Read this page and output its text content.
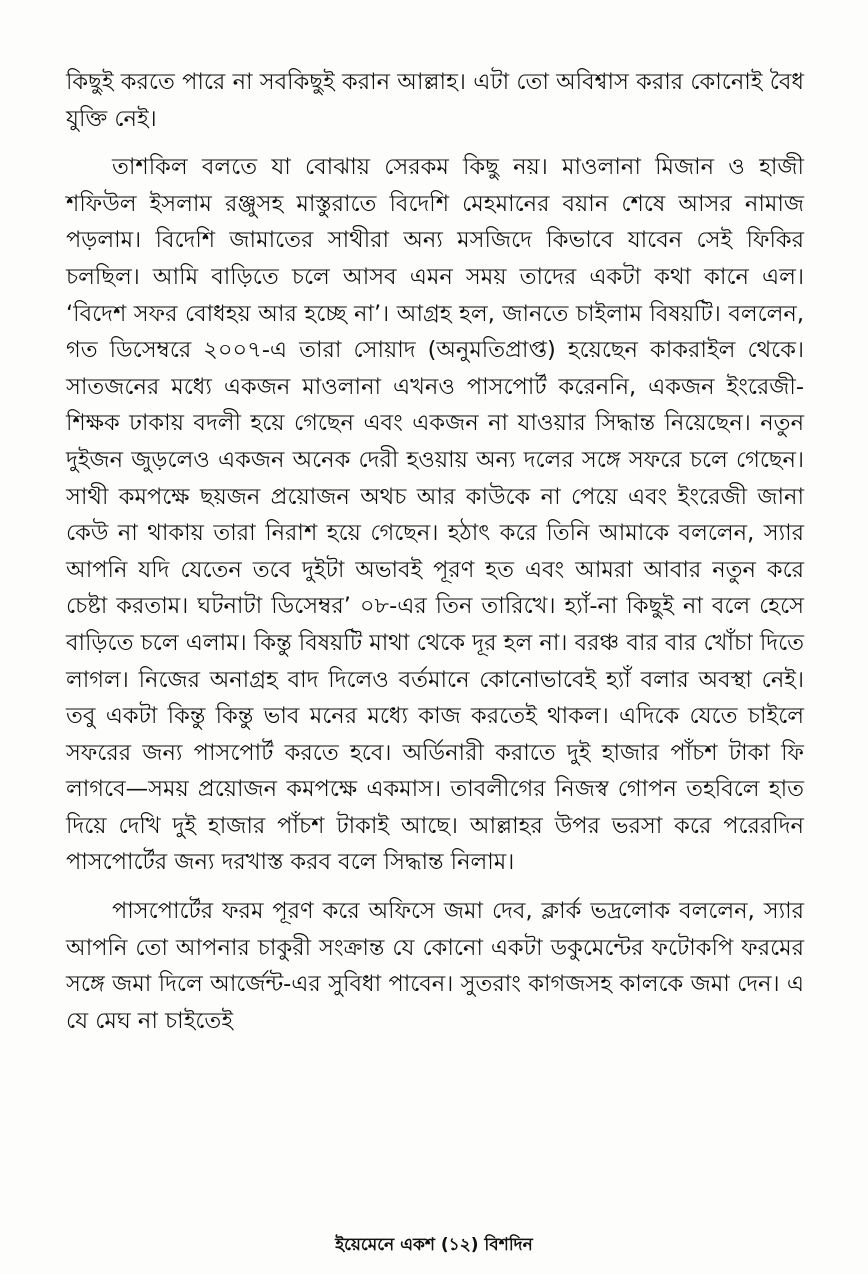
কিছুই করতে পারে না সবকিছুই করান আল্লাহ। এটা তো অবিশ্বাস করার কোনোই বৈধ যুক্তি নেই।

তাশকিল বলতে যা বোঝায় সেরকম কিছু নয়। মাওলানা মিজান ও হাজী শফিউল ইসলাম রঞ্জুসহ মাস্তুরাতে বিদেশি মেহমানের বয়ান শেষে আসর নামাজ পড়লাম। বিদেশি জামাতের সাথীরা অন্য মসজিদে কিভাবে যাবেন সেই ফিকির চলছিল। আমি বাড়িতে চলে আসব এমন সময় তাদের একটা কথা কানে এল। ‘বিদেশ সফর বোধহয় আর হচ্ছে না’। আগ্রহ হল, জানতে চাইলাম বিষয়টি। বললেন, গত ডিসেম্বরে ২০০৭-এ তারা সোয়াদ (অনুমতিপ্রাপ্ত) হয়েছেন কাকরাইল থেকে। সাতজনের মধ্যে একজন মাওলানা এখনও পাসপোর্ট করেননি, একজন ইংরেজী-শিক্ষক ঢাকায় বদলী হয়ে গেছেন এবং একজন না যাওয়ার সিদ্ধান্ত নিয়েছেন। নতুন দুইজন জুড়লেও একজন অনেক দেরী হওয়ায় অন্য দলের সঙ্গে সফরে চলে গেছেন। সাথী কমপক্ষে ছয়জন প্রয়োজন অথচ আর কাউকে না পেয়ে এবং ইংরেজী জানা কেউ না থাকায় তারা নিরাশ হয়ে গেছেন। হঠাৎ করে তিনি আমাকে বললেন, স্যার আপনি যদি যেতেন তবে দুইটা অভাবই পূরণ হত এবং আমরা আবার নতুন করে চেষ্টা করতাম। ঘটনাটা ডিসেম্বর’ ০৮-এর তিন তারিখে। হ্যাঁ-না কিছুই না বলে হেসে বাড়িতে চলে এলাম। কিন্তু বিষয়টি মাথা থেকে দূর হল না। বরঞ্চ বার বার খোঁচা দিতে লাগল। নিজের অনাগ্রহ বাদ দিলেও বর্তমানে কোনোভাবেই হ্যাঁ বলার অবস্থা নেই। তবু একটা কিন্তু কিন্তু ভাব মনের মধ্যে কাজ করতেই থাকল। এদিকে যেতে চাইলে সফরের জন্য পাসপোর্ট করতে হবে। অর্ডিনারী করাতে দুই হাজার পাঁচশ টাকা ফি লাগবে—সময় প্রয়োজন কমপক্ষে একমাস। তাবলীগের নিজস্ব গোপন তহবিলে হাত দিয়ে দেখি দুই হাজার পাঁচশ টাকাই আছে। আল্লাহর উপর ভরসা করে পরেরদিন পাসপোর্টের জন্য দরখাস্ত করব বলে সিদ্ধান্ত নিলাম।

পাসপোর্টের ফরম পূরণ করে অফিসে জমা দেব, ক্লার্ক ভদ্রলোক বললেন, স্যার আপনি তো আপনার চাকুরী সংক্রান্ত যে কোনো একটা ডকুমেন্টের ফটোকপি ফরমের সঙ্গে জমা দিলে আর্জেন্ট-এর সুবিধা পাবেন। সুতরাং কাগজসহ কালকে জমা দেন। এ যে মেঘ না চাইতেই

ইয়েমেনে একশ (১২) বিশদিন
